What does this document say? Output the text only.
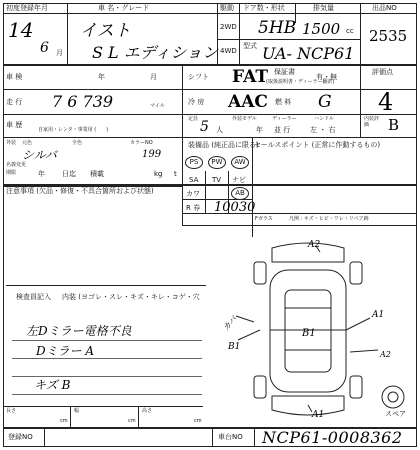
初度登録年月	車 名・グレード	駆動 ドア数・形状	排気量	出品NO
14
6 月
イスト
S L エディション
2WD
4WD
5HB 1500 cc
型式 UA- NCP61
2535
車 検	年	月	シフト FAT 保証書
(取扱説明書・ディーラー翻訳)
有・無
評価点
4
走 行 7 6 739	マイル	冷 房 AAC 燃 料 G
車 歴
自家用・レンタ・事業用 (　　)
定員 5 人
外装モデル
年
ディーラー
並 行
ハンドル
左 ・ 右
内装評価	B
外装 元色	全色	カラーNO
シルバ	199
名義変更
期限	年 日迄 積載	kg t
装備品 (純正品に限る)
セールスポイント (正常に作動するもの)
PS	PW	AW
SA TV ナビ
カワ	AB
R 券 10030
注意事項 (欠品・修復・不具合箇所および状態)
Fガラス	凡例 : キズ・ヒビ・ワレ・リペア跡
検査員記入 内装 (ヨゴレ・スレ・キズ・キレ・コゲ・穴
左Dミラー電格不良
Dミラー A
キズ B
A2
A1
B1
カバ
B1
A2
A1	スペア
長さ
cm
幅
cm
高さ
cm
登録NO	車台NO NCP61-0008362
